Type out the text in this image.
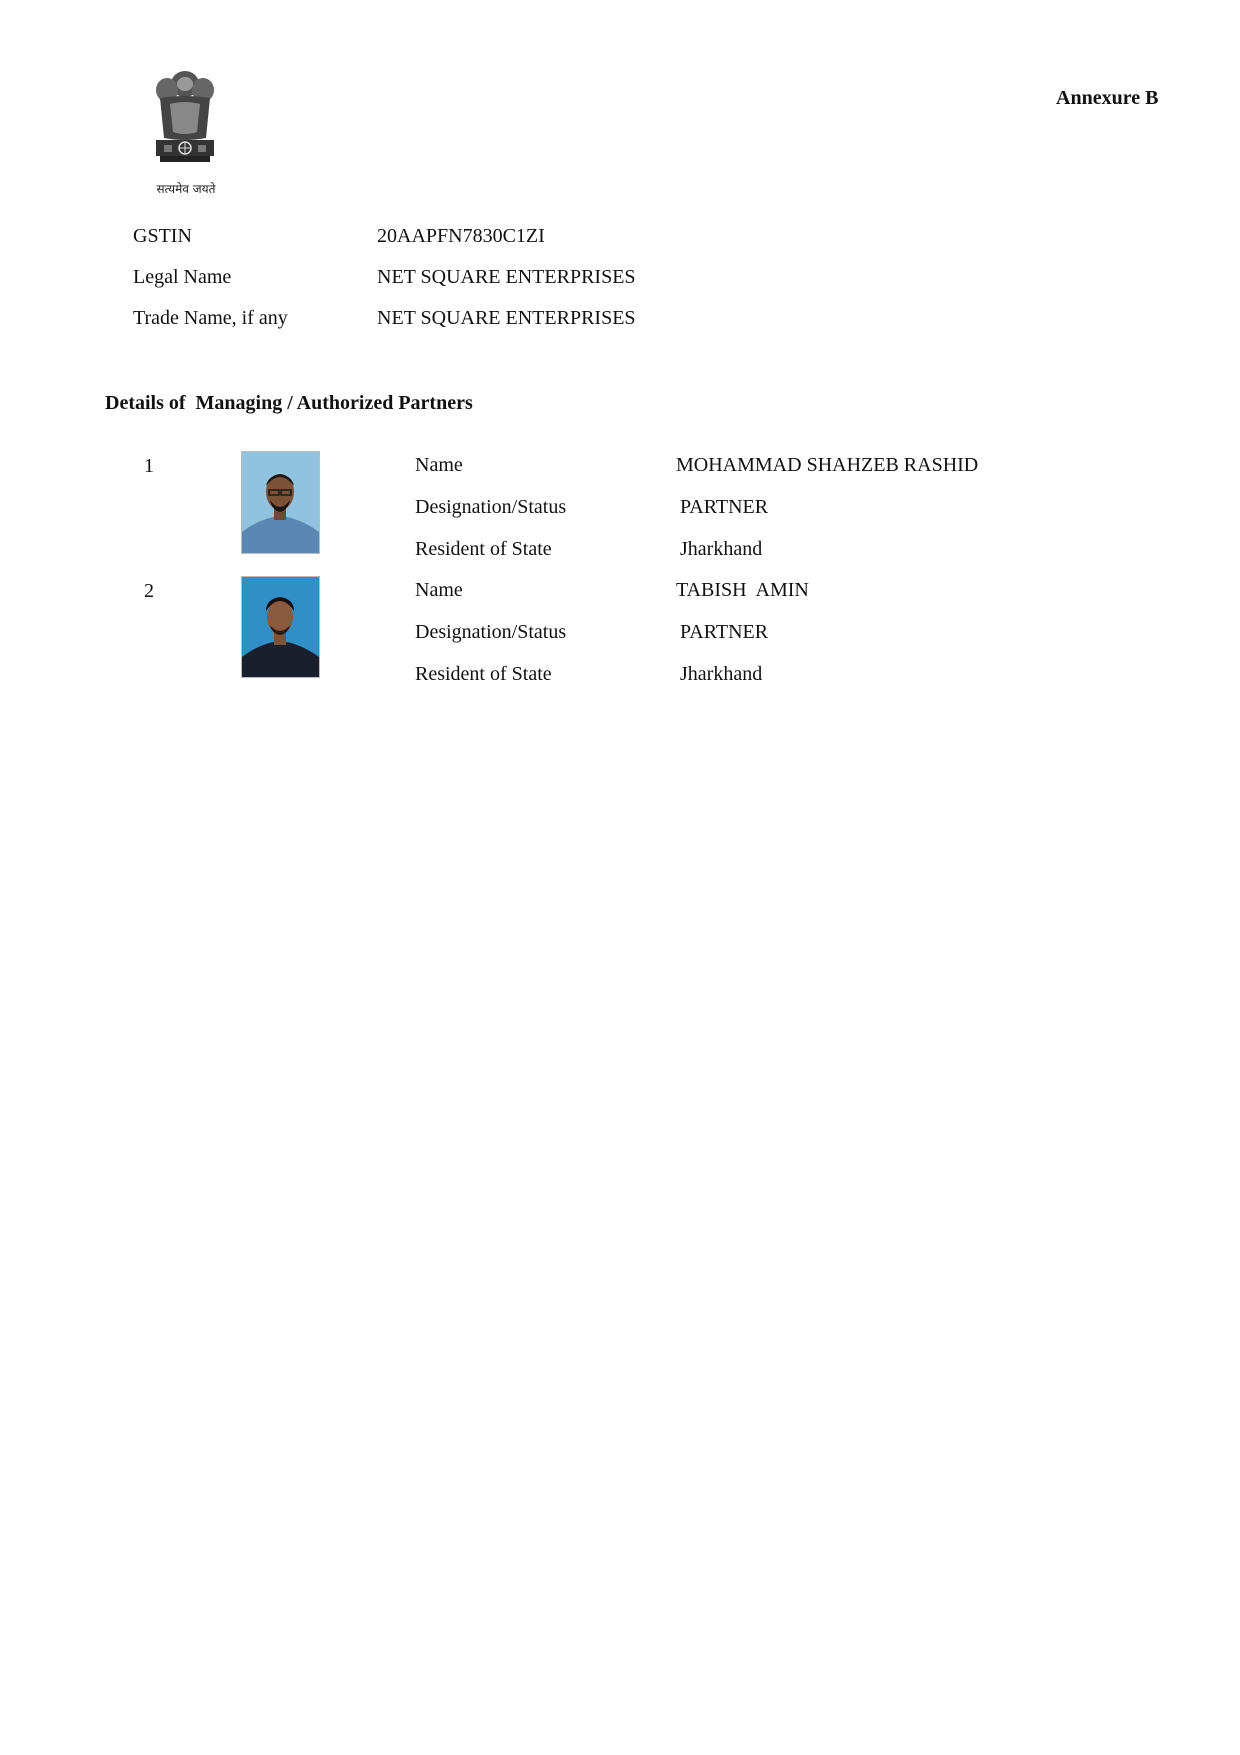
सत्यमेव जयते
Annexure B
GSTIN	20AAPFN7830C1ZI
Legal Name	NET SQUARE ENTERPRISES
Trade Name, if any	NET SQUARE ENTERPRISES
Details of  Managing / Authorized Partners
1	Name	MOHAMMAD SHAHZEB RASHID
Designation/Status	PARTNER
Resident of State	Jharkhand
2	Name	TABISH  AMIN
Designation/Status	PARTNER
Resident of State	Jharkhand
